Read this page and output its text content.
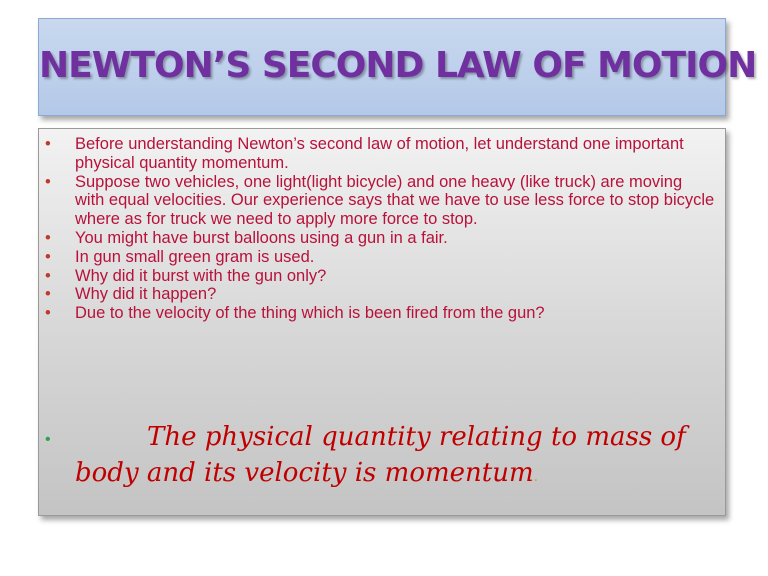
NEWTON’S SECOND LAW OF MOTION
• Before understanding Newton’s second law of motion, let understand one important physical quantity momentum.
• Suppose two vehicles, one light(light bicycle) and one heavy (like truck) are moving with equal velocities. Our experience says that we have to use less force to stop bicycle where as for truck we need to apply more force to stop.
• You might have burst balloons using a gun in a fair.
• In gun small green gram is used.
• Why did it burst with the gun only?
• Why did it happen?
• Due to the velocity of the thing which is been fired from the gun?
•	The physical quantity relating to mass of body and its velocity is momentum.
